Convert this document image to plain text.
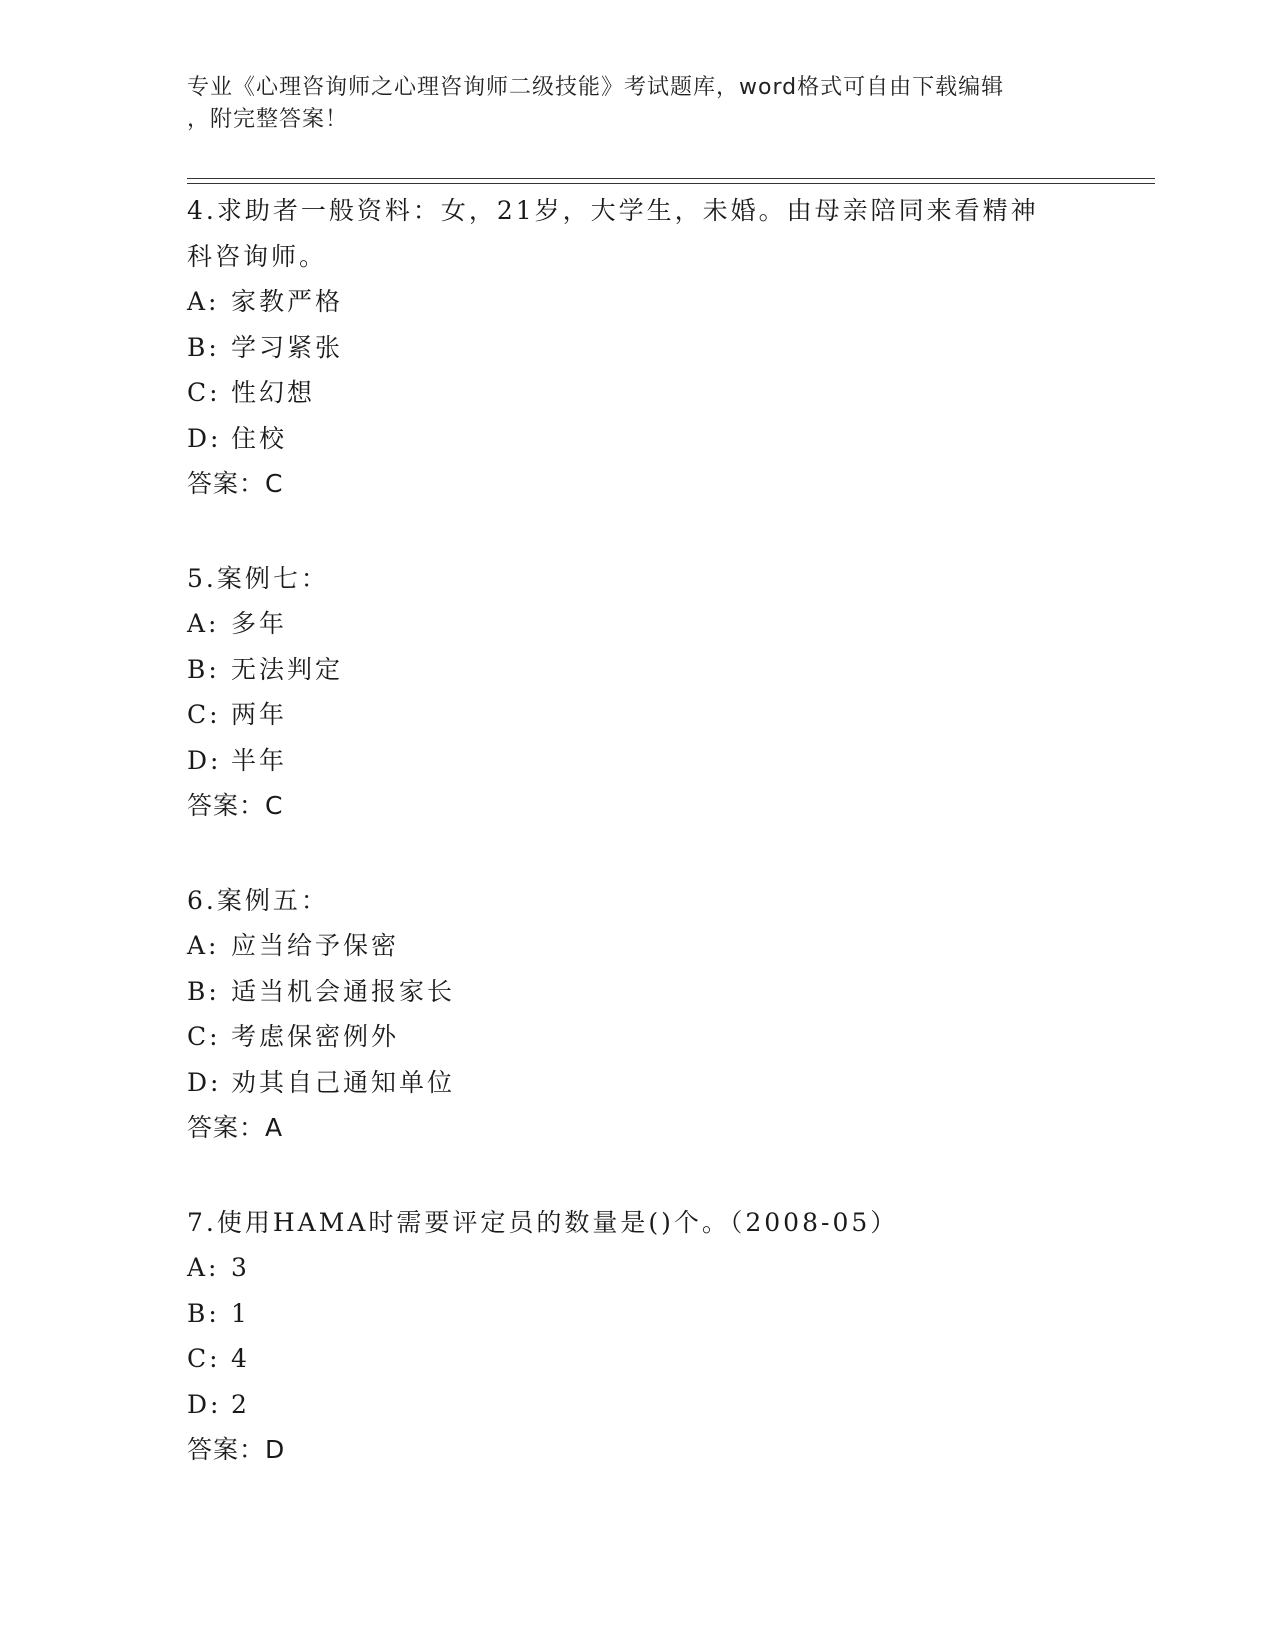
专业《心理咨询师之心理咨询师二级技能》考试题库，word格式可自由下载编辑

，附完整答案！

4.求助者一般资料：女，21岁，大学生，未婚。由母亲陪同来看精神

科咨询师。

A: 家教严格

B: 学习紧张

C: 性幻想

D: 住校

答案：C

5.案例七：

A: 多年

B: 无法判定

C: 两年

D: 半年

答案：C

6.案例五：

A: 应当给予保密

B: 适当机会通报家长

C: 考虑保密例外

D: 劝其自己通知单位

答案：A

7.使用HAMA时需要评定员的数量是()个。（2008-05）

A: 3

B: 1

C: 4

D: 2

答案：D
